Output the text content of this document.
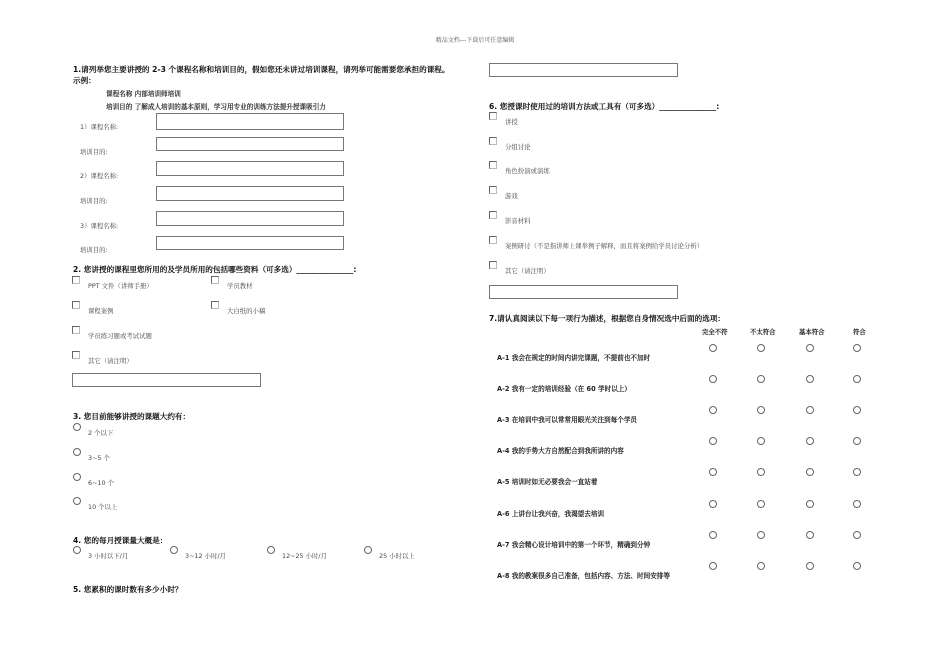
精品文档---下载后可任意编辑
1.请列举您主要讲授的 2-3 个课程名称和培训目的，假如您还未讲过培训课程，请列举可能需要您承担的课程。
示例：
课程名称 内部培训师培训
培训目的 了解成人培训的基本原则，学习用专业的训练方法提升授课吸引力
1）课程名称:
培训目的:
2）课程名称:
培训目的:
3）课程名称:
培训目的:
2. 您讲授的课程里您所用的及学员所用的包括哪些资料（可多选）_______________:
PPT 文件（讲师手册）	学员教材
课程案例	大白纸的小稿
学员练习题或考试试题
其它（请注明）
3. 您目前能够讲授的课题大约有：
2 个以下
3~5 个
6~10 个
10 个以上
4. 您的每月授课量大概是：
3 小时以下/月	3~12 小时/月	12~25 小时/月	25 小时以上
5. 您累积的课时数有多少小时？
6. 您授课时使用过的培训方法或工具有（可多选）_______________:
讲授
分组讨论
角色扮演或演练
游戏
影音材料
案例研讨（不是指讲师上课举例子解释，而且将案例给学员讨论分析）
其它（请注明）
7.请认真阅读以下每一项行为描述，根据您自身情况选中后面的选项：
完全不符	不太符合	基本符合	符合
A-1 我会在规定的时间内讲完课题，不提前也不加时
A-2 我有一定的培训经验（在 60 学时以上）
A-3 在培训中我可以常常用眼光关注到每个学员
A-4 我的手势大方自然配合到我所讲的内容
A-5 培训时如无必要我会一直站着
A-6 上讲台让我兴奋，我渴望去培训
A-7 我会精心设计培训中的第一个环节，精确到分钟
A-8 我的教案很多自己准备，包括内容、方法、时间安排等
